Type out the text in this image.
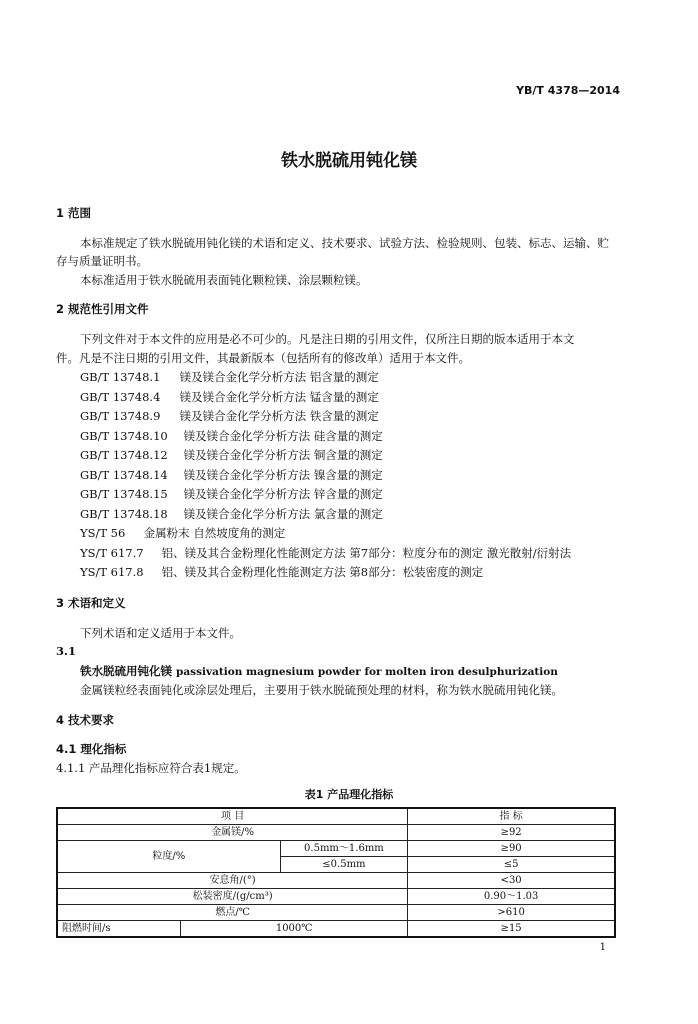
YB/T 4378—2014
铁水脱硫用钝化镁
1 范围
本标准规定了铁水脱硫用钝化镁的术语和定义、技术要求、试验方法、检验规则、包装、标志、运输、贮
存与质量证明书。
本标准适用于铁水脱硫用表面钝化颗粒镁、涂层颗粒镁。
2 规范性引用文件
下列文件对于本文件的应用是必不可少的。凡是注日期的引用文件，仅所注日期的版本适用于本文
件。凡是不注日期的引用文件，其最新版本（包括所有的修改单）适用于本文件。
GB/T 13748.1 镁及镁合金化学分析方法 铝含量的测定
GB/T 13748.4 镁及镁合金化学分析方法 锰含量的测定
GB/T 13748.9 镁及镁合金化学分析方法 铁含量的测定
GB/T 13748.10 镁及镁合金化学分析方法 硅含量的测定
GB/T 13748.12 镁及镁合金化学分析方法 铜含量的测定
GB/T 13748.14 镁及镁合金化学分析方法 镍含量的测定
GB/T 13748.15 镁及镁合金化学分析方法 锌含量的测定
GB/T 13748.18 镁及镁合金化学分析方法 氯含量的测定
YS/T 56 金属粉末 自然坡度角的测定
YS/T 617.7 铝、镁及其合金粉理化性能测定方法 第7部分：粒度分布的测定 激光散射/衍射法
YS/T 617.8 铝、镁及其合金粉理化性能测定方法 第8部分：松装密度的测定
3 术语和定义
下列术语和定义适用于本文件。
3.1
铁水脱硫用钝化镁 passivation magnesium powder for molten iron desulphurization
金属镁粒经表面钝化或涂层处理后，主要用于铁水脱硫预处理的材料，称为铁水脱硫用钝化镁。
4 技术要求
4.1 理化指标
4.1.1 产品理化指标应符合表1规定。
表1 产品理化指标
项 目			指 标
金属镁/%			≥92
粒度/%		0.5mm～1.6mm	≥90
		≤0.5mm	≤5
安息角/(°)			<30
松装密度/(g/cm³)			0.90～1.03
燃点/℃			>610
阻燃时间/s	1000℃		≥15
1
